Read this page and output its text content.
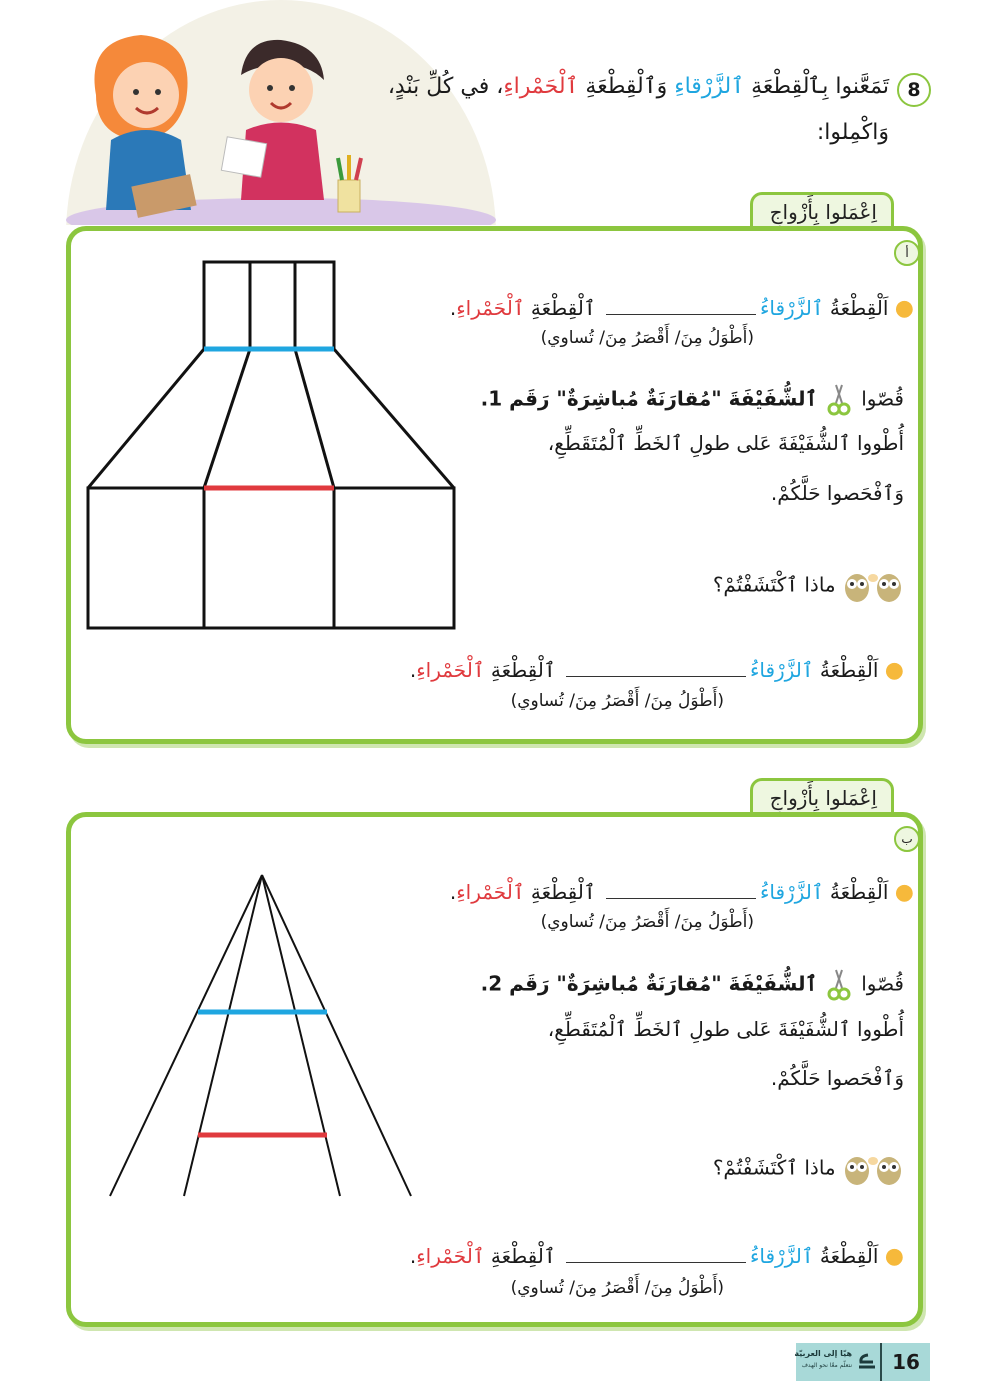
8
تَمَعَّنوا بِٱلْقِطْعَةِ ٱلزَّرْقاءِ وَٱلْقِطْعَةِ ٱلْحَمْراءِ، في كُلِّ بَنْدٍ،
وَاكْمِلوا:
اِعْمَلوا بِأَزْواجٍ
أ
● اَلْقِطْعَةُ ٱلزَّرْقاءُ ٱلْقِطْعَةِ ٱلْحَمْراءِ.
(أَطْوَلُ مِنَ/ أَقْصَرُ مِنَ/ تُساوي)
قُصّوا  ٱلشُّفَيْفَةَ "مُقارَنَةٌ مُباشِرَةٌ" رَقَم 1.
أُطْووا ٱلشُّفَيْفَةَ عَلى طولِ ٱلخَطِّ ٱلْمُتَقَطِّعِ،
وَٱفْحَصوا حَلَّكُمْ.
ماذا ٱكْتَشَفْتُمْ؟
● اَلْقِطْعَةُ ٱلزَّرْقاءُ ٱلْقِطْعَةِ ٱلْحَمْراءِ.
(أَطْوَلُ مِنَ/ أَقْصَرُ مِنَ/ تُساوي)
اِعْمَلوا بِأَزْواجٍ
ب
● اَلْقِطْعَةُ ٱلزَّرْقاءُ ٱلْقِطْعَةِ ٱلْحَمْراءِ.
(أَطْوَلُ مِنَ/ أَقْصَرُ مِنَ/ تُساوي)
قُصّوا  ٱلشُّفَيْفَةَ "مُقارَنَةٌ مُباشِرَةٌ" رَقَم 2.
أُطْووا ٱلشُّفَيْفَةَ عَلى طولِ ٱلخَطِّ ٱلْمُتَقَطِّعِ،
وَٱفْحَصوا حَلَّكُمْ.
ماذا ٱكْتَشَفْتُمْ؟
● اَلْقِطْعَةُ ٱلزَّرْقاءُ ٱلْقِطْعَةِ ٱلْحَمْراءِ.
(أَطْوَلُ مِنَ/ أَقْصَرُ مِنَ/ تُساوي)
16
هيّا إلى العربيّة
نتعلّم معًا نحو الهدف
